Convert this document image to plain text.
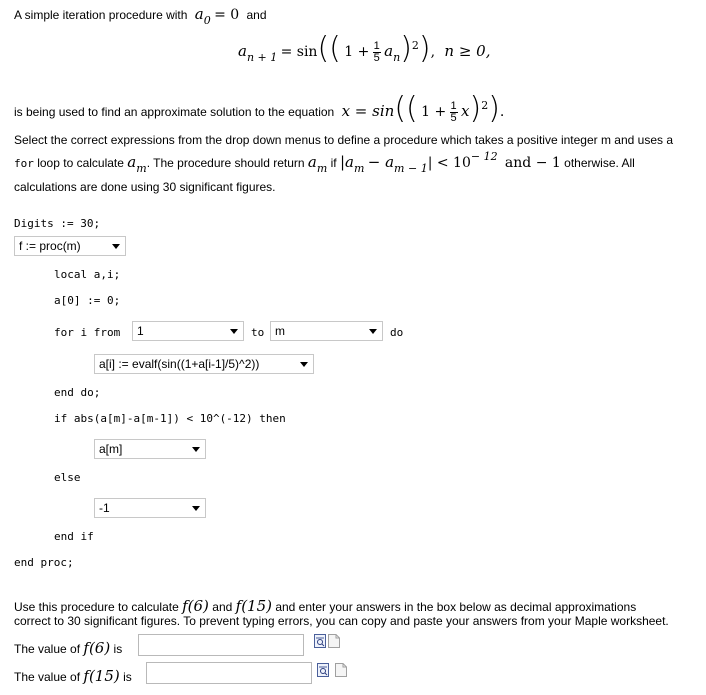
A simple iteration procedure with $a_0 = 0$ and
an + 1 = sin(( $1 + \frac{1}{5} an)2$), n ≥ 0,
is being used to find an approximate solution to the equation x = sin(( $1 + \frac{1}{5} x)2$).
Select the correct expressions from the drop down menus to define a procedure which takes a positive integer m and uses a
for loop to calculate am. The procedure should return am if |am − am − 1| < 10− 12 and − 1 otherwise. All
calculations are done using 30 significant figures.
Digits := 30;
f := proc(m)
local a,i;
a[0] := 0;
for i from	1	to m	do
a[i] := evalf(sin((1+a[i-1]/5)^2))
end do;
if abs(a[m]-a[m-1]) < 10^(-12) then
a[m]
else
-1
end if
end proc;
Use this procedure to calculate f(6) and f(15) and enter your answers in the box below as decimal approximations
correct to 30 significant figures. To prevent typing errors, you can copy and paste your answers from your Maple worksheet.
The value of f(6) is
The value of f(15) is
